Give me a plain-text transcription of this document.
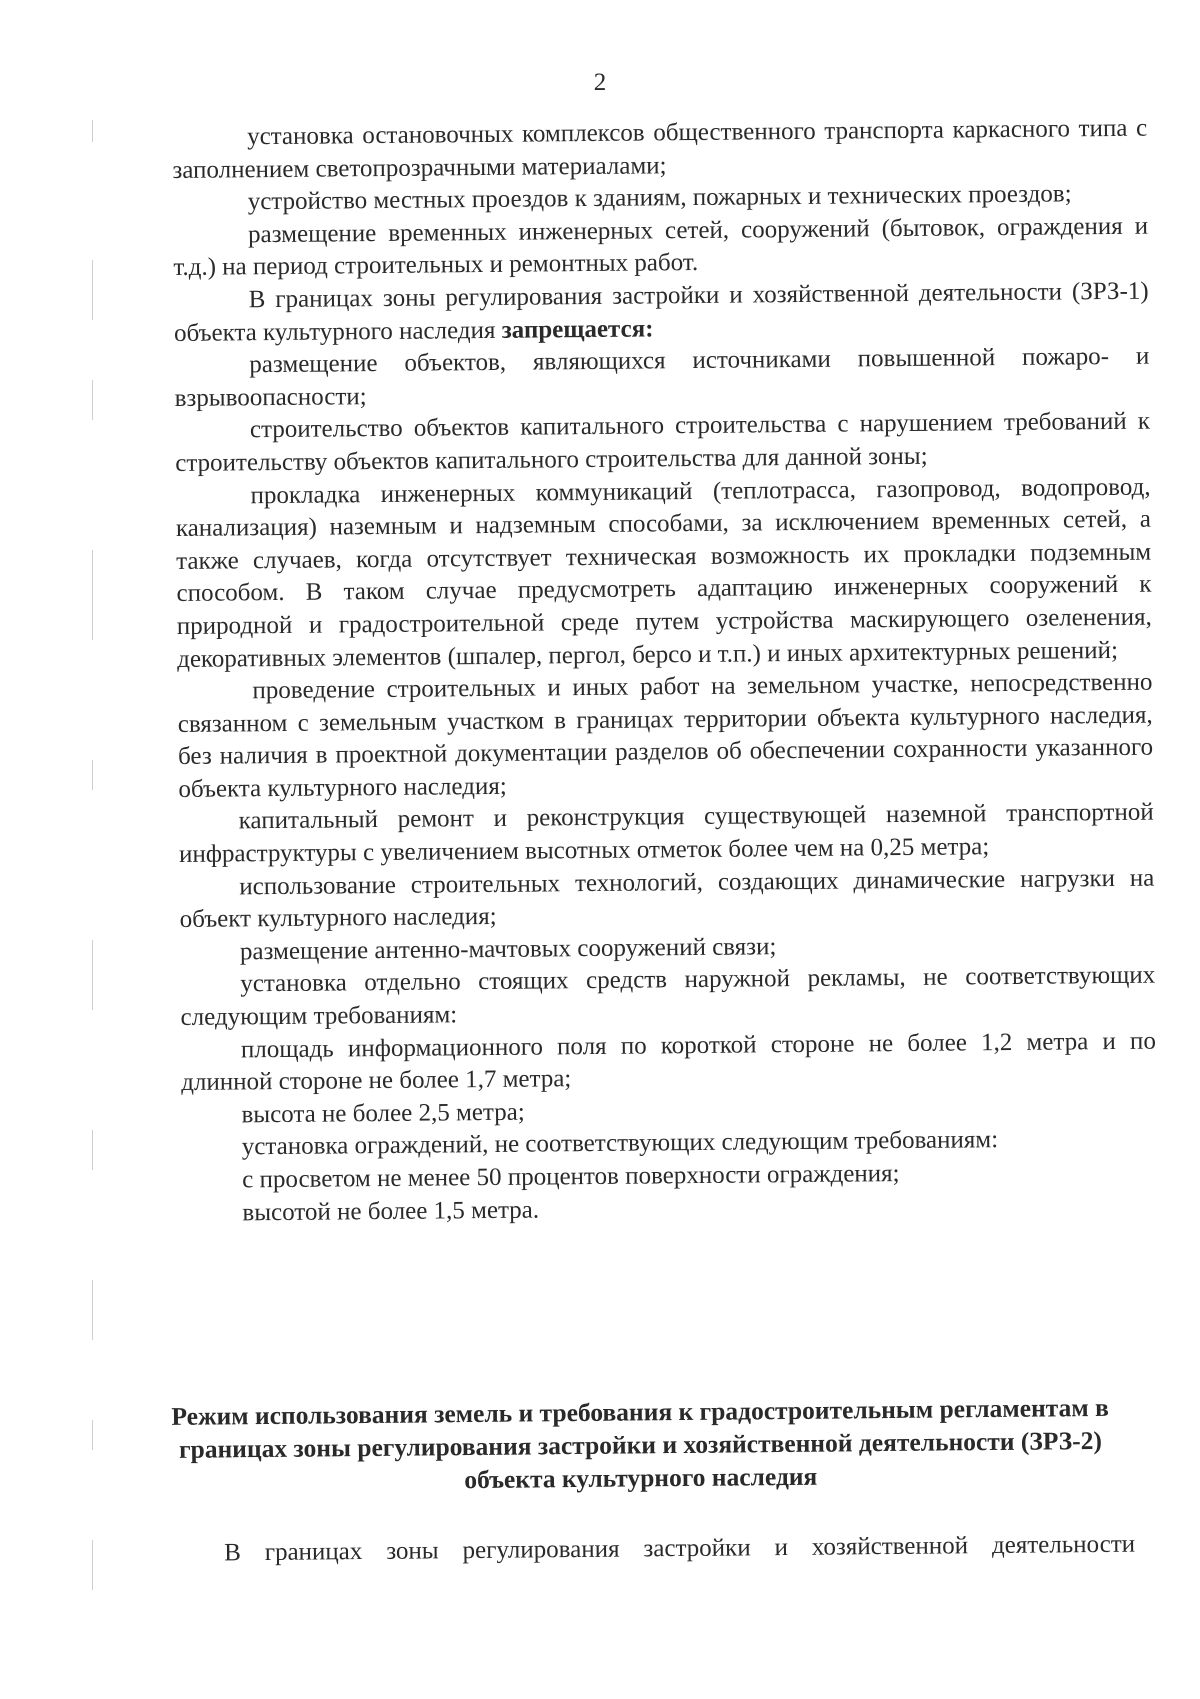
2

установка остановочных комплексов общественного транспорта каркасного типа с заполнением светопрозрачными материалами;

устройство местных проездов к зданиям, пожарных и технических проездов;

размещение временных инженерных сетей, сооружений (бытовок, ограждения и т.д.) на период строительных и ремонтных работ.

В границах зоны регулирования застройки и хозяйственной деятельности (ЗРЗ-1) объекта культурного наследия запрещается:

размещение объектов, являющихся источниками повышенной пожаро- и взрывоопасности;

строительство объектов капитального строительства с нарушением требований к строительству объектов капитального строительства для данной зоны;

прокладка инженерных коммуникаций (теплотрасса, газопровод, водопровод, канализация) наземным и надземным способами, за исключением временных сетей, а также случаев, когда отсутствует техническая возможность их прокладки подземным способом. В таком случае предусмотреть адаптацию инженерных сооружений к природной и градостроительной среде путем устройства маскирующего озеленения, декоративных элементов (шпалер, пергол, берсо и т.п.) и иных архитектурных решений;

проведение строительных и иных работ на земельном участке, непосредственно связанном с земельным участком в границах территории объекта культурного наследия, без наличия в проектной документации разделов об обеспечении сохранности указанного объекта культурного наследия;

капитальный ремонт и реконструкция существующей наземной транспортной инфраструктуры с увеличением высотных отметок более чем на 0,25 метра;

использование строительных технологий, создающих динамические нагрузки на объект культурного наследия;

размещение антенно-мачтовых сооружений связи;

установка отдельно стоящих средств наружной рекламы, не соответствующих следующим требованиям:

площадь информационного поля по короткой стороне не более 1,2 метра и по длинной стороне не более 1,7 метра;

высота не более 2,5 метра;

установка ограждений, не соответствующих следующим требованиям:

с просветом не менее 50 процентов поверхности ограждения;

высотой не более 1,5 метра.

Режим использования земель и требования к градостроительным регламентам в границах зоны регулирования застройки и хозяйственной деятельности (ЗРЗ-2) объекта культурного наследия

В границах зоны регулирования застройки и хозяйственной деятельности
